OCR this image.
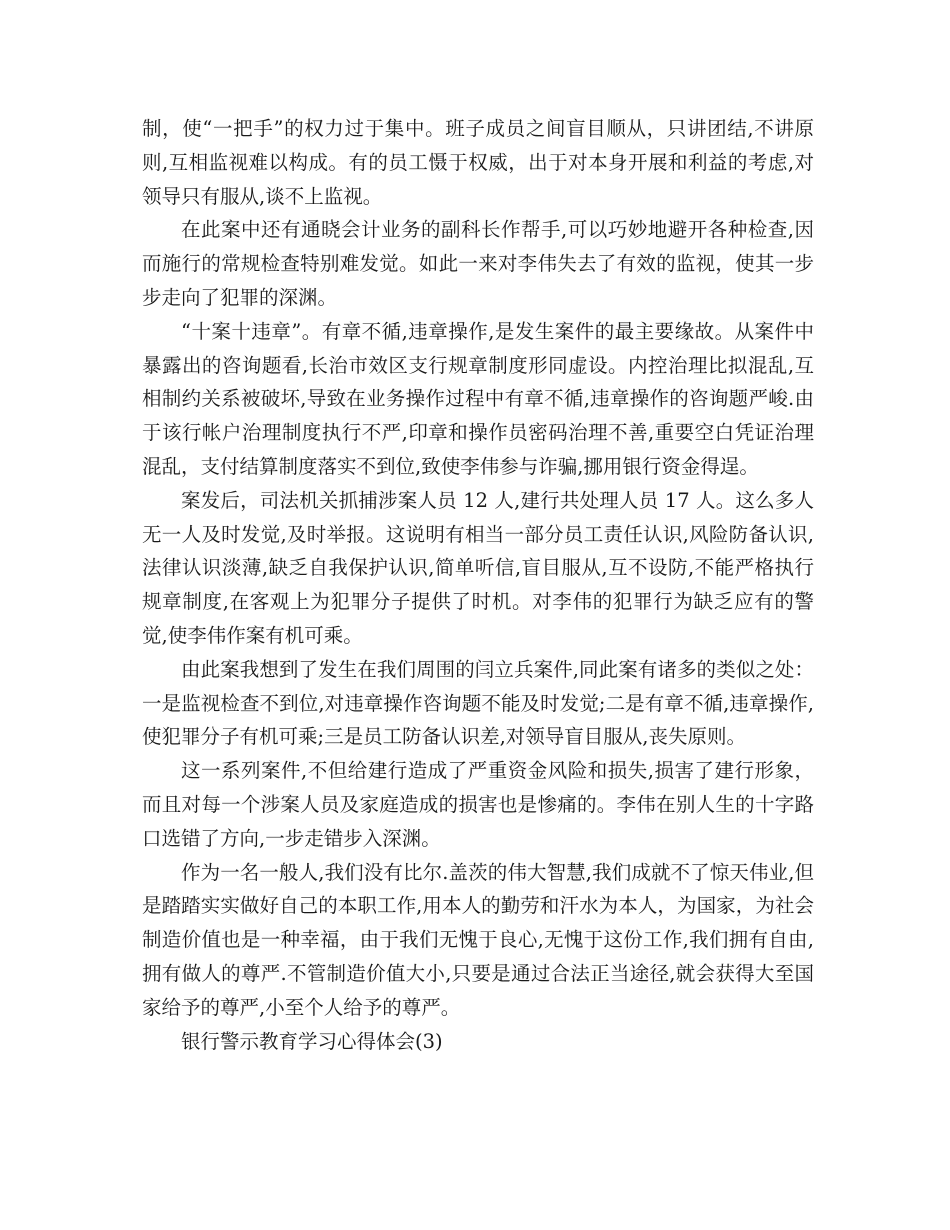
制，使“一把手”的权力过于集中。班子成员之间盲目顺从，只讲团结,不讲原则,互相监视难以构成。有的员工慑于权威，出于对本身开展和利益的考虑,对领导只有服从,谈不上监视。

在此案中还有通晓会计业务的副科长作帮手,可以巧妙地避开各种检查,因而施行的常规检查特别难发觉。如此一来对李伟失去了有效的监视，使其一步步走向了犯罪的深渊。

“十案十违章”。有章不循,违章操作,是发生案件的最主要缘故。从案件中暴露出的咨询题看,长治市效区支行规章制度形同虚设。内控治理比拟混乱,互相制约关系被破坏,导致在业务操作过程中有章不循,违章操作的咨询题严峻.由于该行帐户治理制度执行不严,印章和操作员密码治理不善,重要空白凭证治理混乱，支付结算制度落实不到位,致使李伟参与诈骗,挪用银行资金得逞。

案发后，司法机关抓捕涉案人员 12 人,建行共处理人员 17 人。这么多人无一人及时发觉,及时举报。这说明有相当一部分员工责任认识,风险防备认识,法律认识淡薄,缺乏自我保护认识,简单听信,盲目服从,互不设防,不能严格执行规章制度,在客观上为犯罪分子提供了时机。对李伟的犯罪行为缺乏应有的警觉,使李伟作案有机可乘。

由此案我想到了发生在我们周围的闫立兵案件,同此案有诸多的类似之处：一是监视检查不到位,对违章操作咨询题不能及时发觉;二是有章不循,违章操作,使犯罪分子有机可乘;三是员工防备认识差,对领导盲目服从,丧失原则。

这一系列案件,不但给建行造成了严重资金风险和损失,损害了建行形象，而且对每一个涉案人员及家庭造成的损害也是惨痛的。李伟在别人生的十字路口选错了方向,一步走错步入深渊。

作为一名一般人,我们没有比尔.盖茨的伟大智慧,我们成就不了惊天伟业,但是踏踏实实做好自己的本职工作,用本人的勤劳和汗水为本人，为国家，为社会制造价值也是一种幸福，由于我们无愧于良心,无愧于这份工作,我们拥有自由,拥有做人的尊严.不管制造价值大小,只要是通过合法正当途径,就会获得大至国家给予的尊严,小至个人给予的尊严。

银行警示教育学习心得体会(3)
